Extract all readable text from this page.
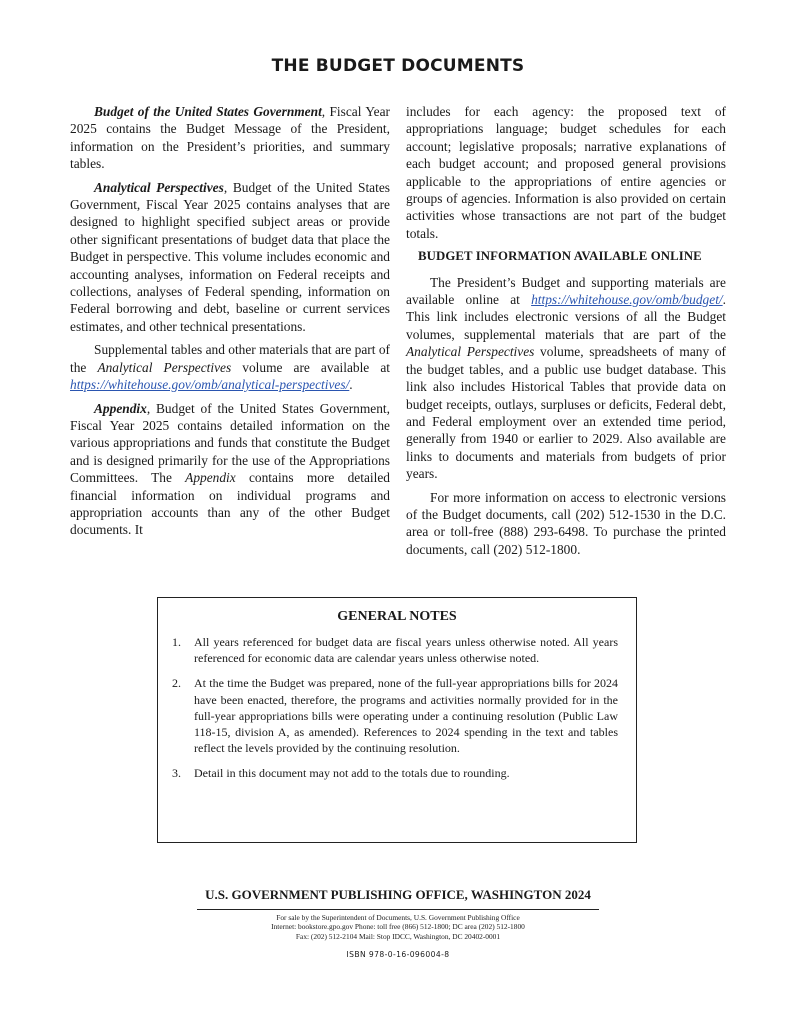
THE BUDGET DOCUMENTS

Budget of the United States Government, Fiscal Year 2025 contains the Budget Message of the President, information on the President’s priorities, and summary tables.

Analytical Perspectives, Budget of the United States Government, Fiscal Year 2025 contains analyses that are designed to highlight specified subject areas or provide other significant presentations of budget data that place the Budget in perspective. This volume includes economic and accounting analyses, information on Federal receipts and collections, analyses of Federal spending, information on Federal borrowing and debt, baseline or current services estimates, and other technical presentations.

Supplemental tables and other materials that are part of the Analytical Perspectives volume are available at https://whitehouse.gov/omb/analytical-perspectives/.

Appendix, Budget of the United States Government, Fiscal Year 2025 contains detailed information on the various appropriations and funds that constitute the Budget and is designed primarily for the use of the Appropriations Committees. The Appendix contains more detailed financial information on individual programs and appropriation accounts than any of the other Budget documents. It

includes for each agency: the proposed text of appropriations language; budget schedules for each account; legislative proposals; narrative explanations of each budget account; and proposed general provisions applicable to the appropriations of entire agencies or groups of agencies. Information is also provided on certain activities whose transactions are not part of the budget totals.

BUDGET INFORMATION AVAILABLE ONLINE

The President’s Budget and supporting materials are available online at https://whitehouse.gov/omb/budget/. This link includes electronic versions of all the Budget volumes, supplemental materials that are part of the Analytical Perspectives volume, spreadsheets of many of the budget tables, and a public use budget database. This link also includes Historical Tables that provide data on budget receipts, outlays, surpluses or deficits, Federal debt, and Federal employment over an extended time period, generally from 1940 or earlier to 2029. Also available are links to documents and materials from budgets of prior years.

For more information on access to electronic versions of the Budget documents, call (202) 512-1530 in the D.C. area or toll-free (888) 293-6498. To purchase the printed documents, call (202) 512-1800.

GENERAL NOTES
1. All years referenced for budget data are fiscal years unless otherwise noted. All years referenced for economic data are calendar years unless otherwise noted.
2. At the time the Budget was prepared, none of the full-year appropriations bills for 2024 have been enacted, therefore, the programs and activities normally provided for in the full-year appropriations bills were operating under a continuing resolution (Public Law 118-15, division A, as amended). References to 2024 spending in the text and tables reflect the levels provided by the continuing resolution.
3. Detail in this document may not add to the totals due to rounding.
U.S. GOVERNMENT PUBLISHING OFFICE, WASHINGTON 2024
For sale by the Superintendent of Documents, U.S. Government Publishing Office
Internet: bookstore.gpo.gov Phone: toll free (866) 512-1800; DC area (202) 512-1800
Fax: (202) 512-2104 Mail: Stop IDCC, Washington, DC 20402-0001
ISBN 978-0-16-096004-8
